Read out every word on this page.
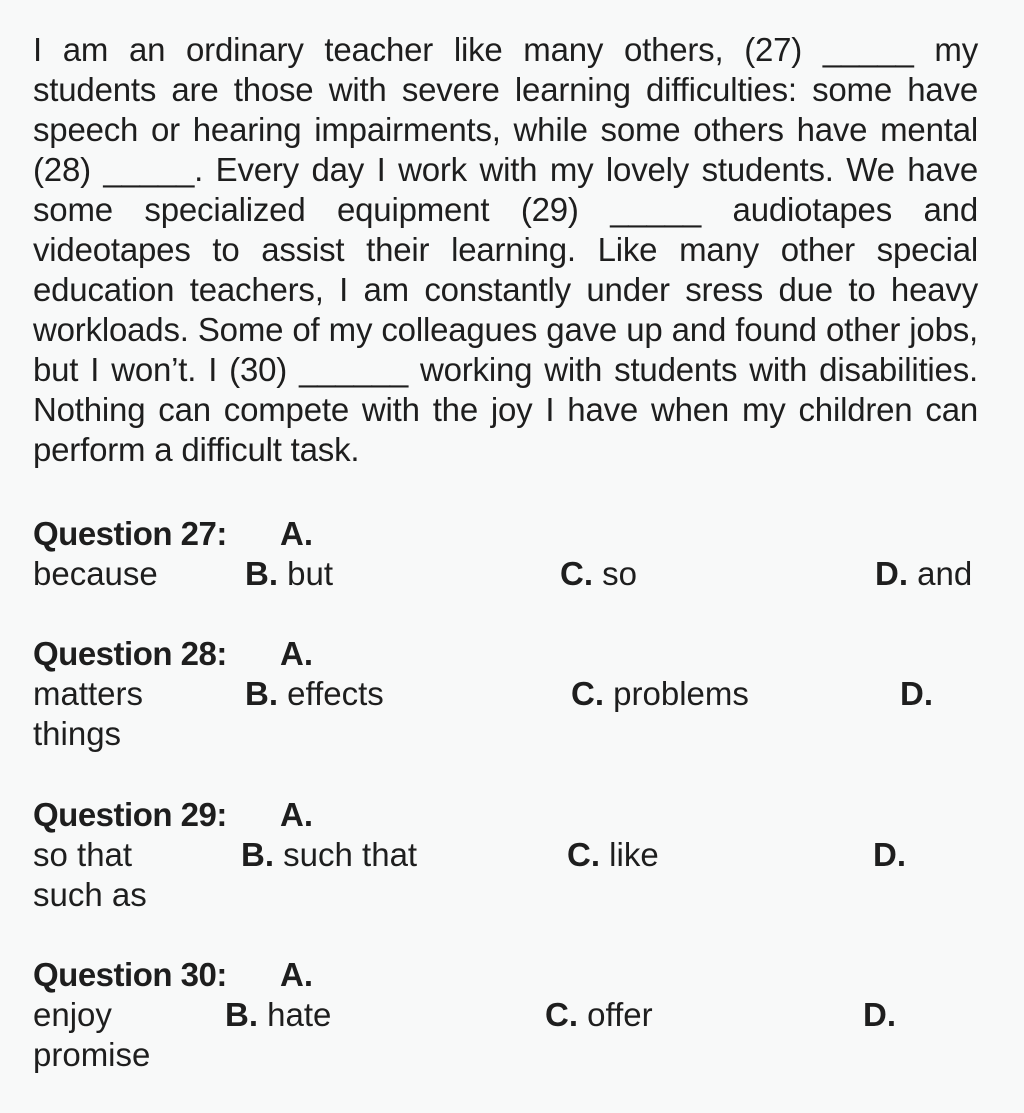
I am an ordinary teacher like many others, (27) _____ my students are those with severe learning difficulties: some have speech or hearing impairments, while some others have mental (28) _____. Every day I work with my lovely students. We have some specialized equipment (29) _____ audiotapes and videotapes to assist their learning. Like many other special education teachers, I am constantly under sress due to heavy workloads. Some of my colleagues gave up and found other jobs, but I won’t. I (30) ______ working with students with disabilities. Nothing can compete with the joy I have when my children can perform a difficult task.
Question 27: A.
because	B. but	C. so	D. and
Question 28: A.
matters	B. effects	C. problems	D.
things
Question 29: A.
so that	B. such that	C. like	D.
such as
Question 30: A.
enjoy	B. hate	C. offer	D.
promise
